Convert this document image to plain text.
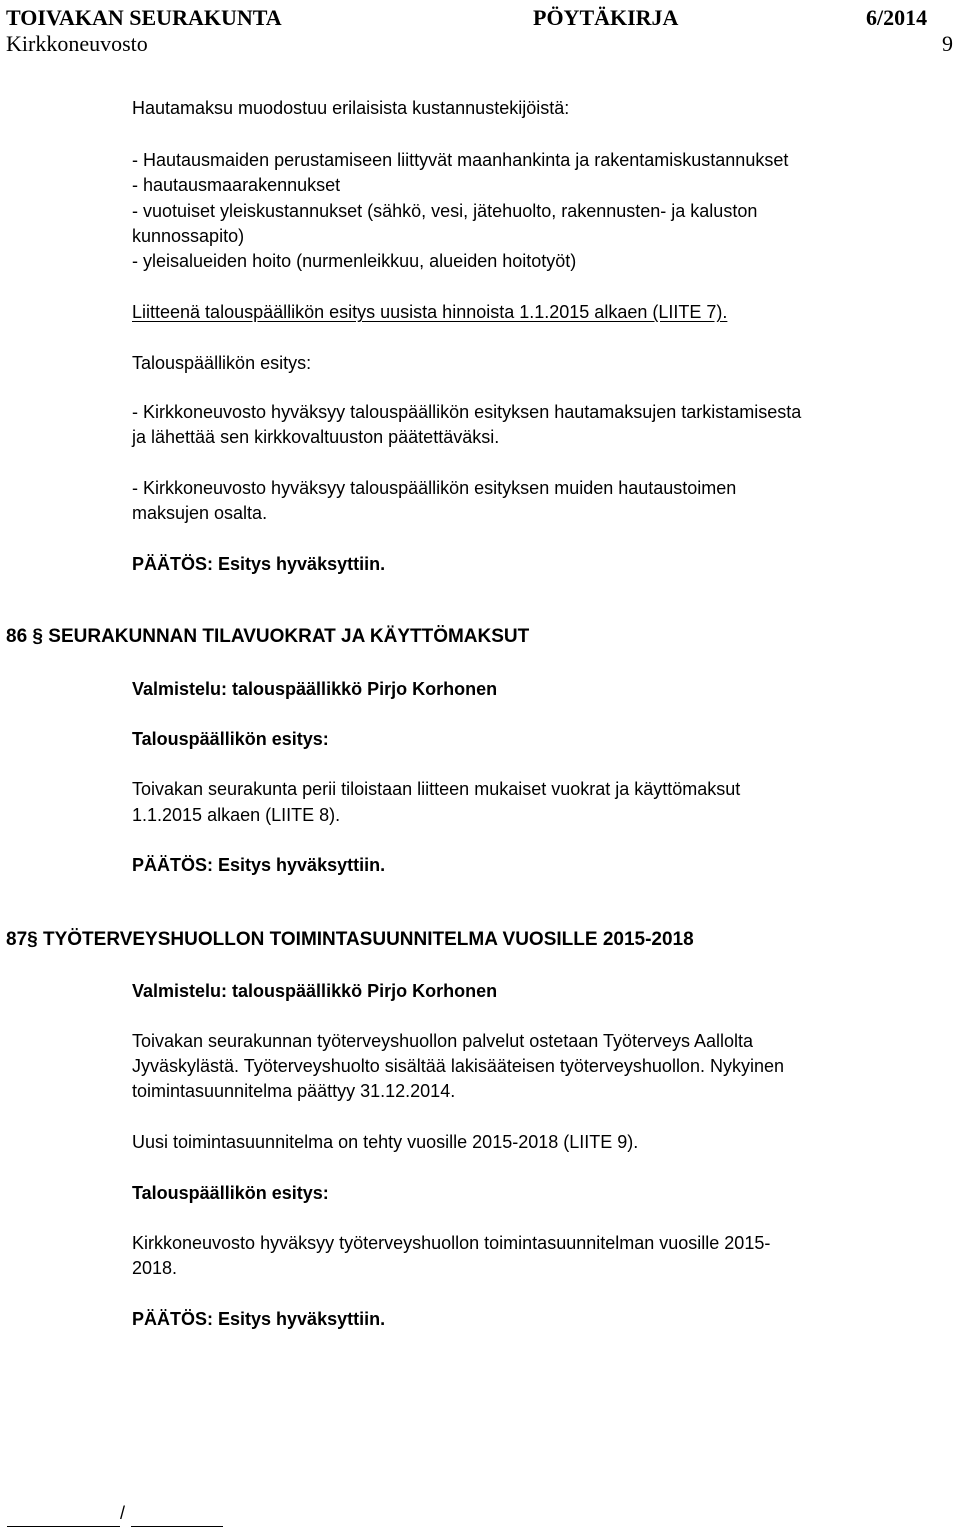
TOIVAKAN SEURAKUNTA	PÖYTÄKIRJA	6/2014
Kirkkoneuvosto	9
Hautamaksu muodostuu erilaisista kustannustekijöistä:
- Hautausmaiden perustamiseen liittyvät maanhankinta ja rakentamiskustannukset
- hautausmaarakennukset
- vuotuiset yleiskustannukset (sähkö, vesi, jätehuolto, rakennusten- ja kaluston
kunnossapito)
- yleisalueiden hoito (nurmenleikkuu, alueiden hoitotyöt)
Liitteenä talouspäällikön esitys uusista hinnoista 1.1.2015 alkaen (LIITE 7).
Talouspäällikön esitys:
- Kirkkoneuvosto hyväksyy talouspäällikön esityksen hautamaksujen tarkistamisesta
ja lähettää sen kirkkovaltuuston päätettäväksi.
- Kirkkoneuvosto hyväksyy talouspäällikön esityksen muiden hautaustoimen
maksujen osalta.
PÄÄTÖS: Esitys hyväksyttiin.
86 § SEURAKUNNAN TILAVUOKRAT JA KÄYTTÖMAKSUT
Valmistelu: talouspäällikkö Pirjo Korhonen
Talouspäällikön esitys:
Toivakan seurakunta perii tiloistaan liitteen mukaiset vuokrat ja käyttömaksut
1.1.2015 alkaen (LIITE 8).
PÄÄTÖS: Esitys hyväksyttiin.
87§ TYÖTERVEYSHUOLLON TOIMINTASUUNNITELMA VUOSILLE 2015-2018
Valmistelu: talouspäällikkö Pirjo Korhonen
Toivakan seurakunnan työterveyshuollon palvelut ostetaan Työterveys Aallolta
Jyväskylästä. Työterveyshuolto sisältää lakisääteisen työterveyshuollon. Nykyinen
toimintasuunnitelma päättyy 31.12.2014.
Uusi toimintasuunnitelma on tehty vuosille 2015-2018 (LIITE 9).
Talouspäällikön esitys:
Kirkkoneuvosto hyväksyy työterveyshuollon toimintasuunnitelman vuosille 2015-
2018.
PÄÄTÖS: Esitys hyväksyttiin.
/
